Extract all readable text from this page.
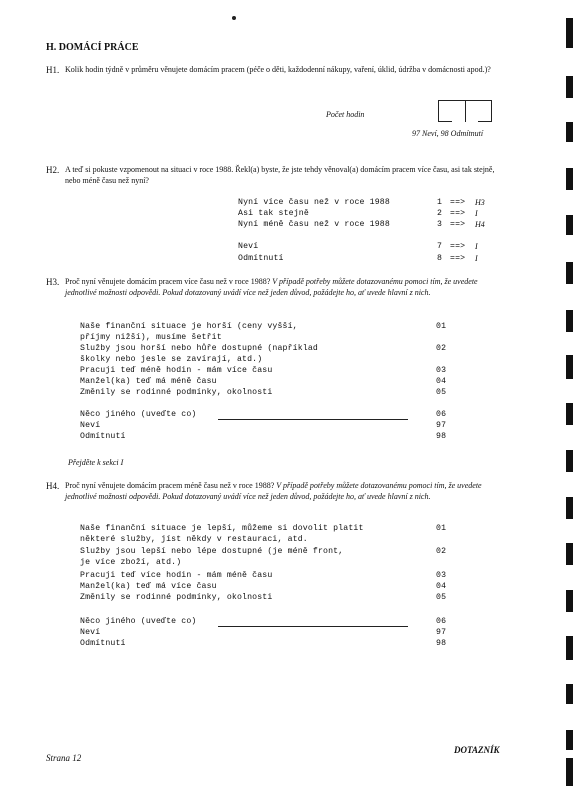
H. DOMÁCÍ PRÁCE
H1. Kolik hodin týdně v průměru věnujete domácím pracem (péče o děti, každodenní nákupy, vaření, úklid, údržba v domácnosti apod.)?
Počet hodin
97 Neví, 98 Odmítnutí
H2. A teď si pokuste vzpomenout na situaci v roce 1988. Řekl(a) byste, že jste tehdy věnoval(a) domácím pracem více času, asi tak stejně, nebo méně času než nyní?
Nyní více času než v roce 1988	1 ==> H3
Asi tak stejně	2 ==> I
Nyní méně času než v roce 1988	3 ==> H4
Neví	7 ==> I
Odmítnutí	8 ==> I
H3. Proč nyní věnujete domácím pracem více času než v roce 1988? V případě potřeby můžete dotazovanému pomoci tím, že uvedete jednotlivé možnosti odpovědi. Pokud dotazovaný uvádí více než jeden důvod, požádejte ho, ať uvede hlavní z nich.
Naše finanční situace je horší (ceny vyšší,
příjmy nižší), musíme šetřit
01
Služby jsou horší nebo hůře dostupné (například
školky nebo jesle se zavírají, atd.)
02
Pracuji teď méně hodin - mám více času	03
Manžel(ka) teď má méně času	04
Změnily se rodinné podmínky, okolnosti	05
Něco jiného (uveďte co)	06
Neví	97
Odmítnutí	98
Přejděte k sekci I
H4. Proč nyní věnujete domácím pracem méně času než v roce 1988? V případě potřeby můžete dotazovanému pomoci tím, že uvedete jednotlivé možnosti odpovědi. Pokud dotazovaný uvádí více než jeden důvod, požádejte ho, ať uvede hlavní z nich.
Naše finanční situace je lepší, můžeme si dovolit platit
některé služby, jíst někdy v restauraci, atd.
01
Služby jsou lepší nebo lépe dostupné (je méně front,
je více zboží, atd.)
02
Pracuji teď více hodin - mám méně času	03
Manžel(ka) teď má více času	04
Změnily se rodinné podmínky, okolnosti	05
Něco jiného (uveďte co)	06
Neví	97
Odmítnutí	98
Strana 12
DOTAZNÍK
